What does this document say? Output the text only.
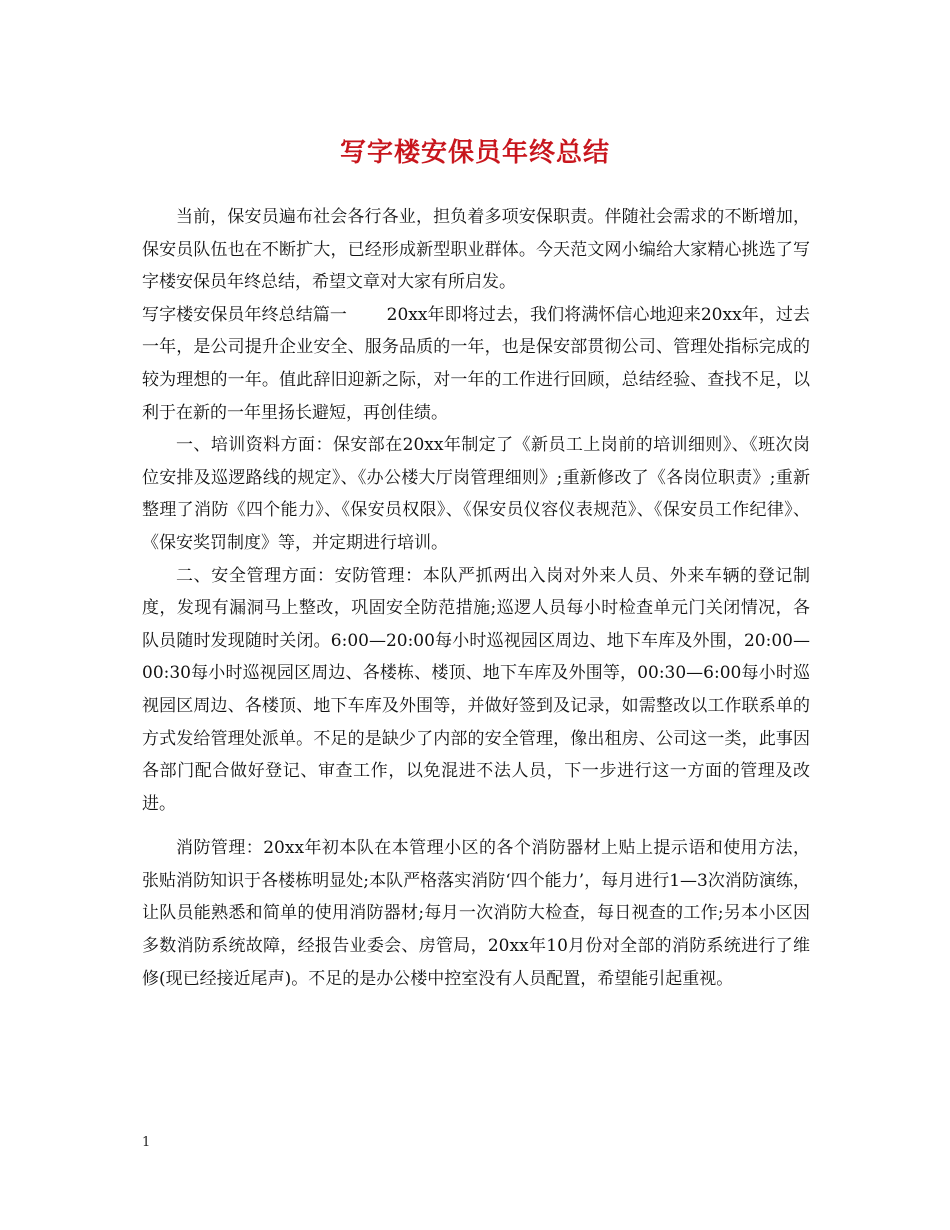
写字楼安保员年终总结

当前，保安员遍布社会各行各业，担负着多项安保职责。伴随社会需求的不断增加，保安员队伍也在不断扩大，已经形成新型职业群体。今天范文网小编给大家精心挑选了写字楼安保员年终总结，希望文章对大家有所启发。

写字楼安保员年终总结篇一　　 20xx年即将过去，我们将满怀信心地迎来20xx年，过去一年，是公司提升企业安全、服务品质的一年，也是保安部贯彻公司、管理处指标完成的较为理想的一年。值此辞旧迎新之际，对一年的工作进行回顾，总结经验、查找不足，以利于在新的一年里扬长避短，再创佳绩。

一、培训资料方面：保安部在20xx年制定了《新员工上岗前的培训细则》、《班次岗位安排及巡逻路线的规定》、《办公楼大厅岗管理细则》;重新修改了《各岗位职责》;重新整理了消防《四个能力》、《保安员权限》、《保安员仪容仪表规范》、《保安员工作纪律》、《保安奖罚制度》等，并定期进行培训。

二、安全管理方面：安防管理：本队严抓两出入岗对外来人员、外来车辆的登记制度，发现有漏洞马上整改，巩固安全防范措施;巡逻人员每小时检查单元门关闭情况，各队员随时发现随时关闭。6:00—20:00每小时巡视园区周边、地下车库及外围，20:00—00:30每小时巡视园区周边、各楼栋、楼顶、地下车库及外围等，00:30—6:00每小时巡视园区周边、各楼顶、地下车库及外围等，并做好签到及记录，如需整改以工作联系单的方式发给管理处派单。不足的是缺少了内部的安全管理，像出租房、公司这一类，此事因各部门配合做好登记、审查工作，以免混进不法人员，下一步进行这一方面的管理及改进。

消防管理：20xx年初本队在本管理小区的各个消防器材上贴上提示语和使用方法，张贴消防知识于各楼栋明显处;本队严格落实消防‘四个能力’，每月进行1—3次消防演练，让队员能熟悉和简单的使用消防器材;每月一次消防大检查，每日视查的工作;另本小区因多数消防系统故障，经报告业委会、房管局，20xx年10月份对全部的消防系统进行了维修(现已经接近尾声)。不足的是办公楼中控室没有人员配置，希望能引起重视。

1
